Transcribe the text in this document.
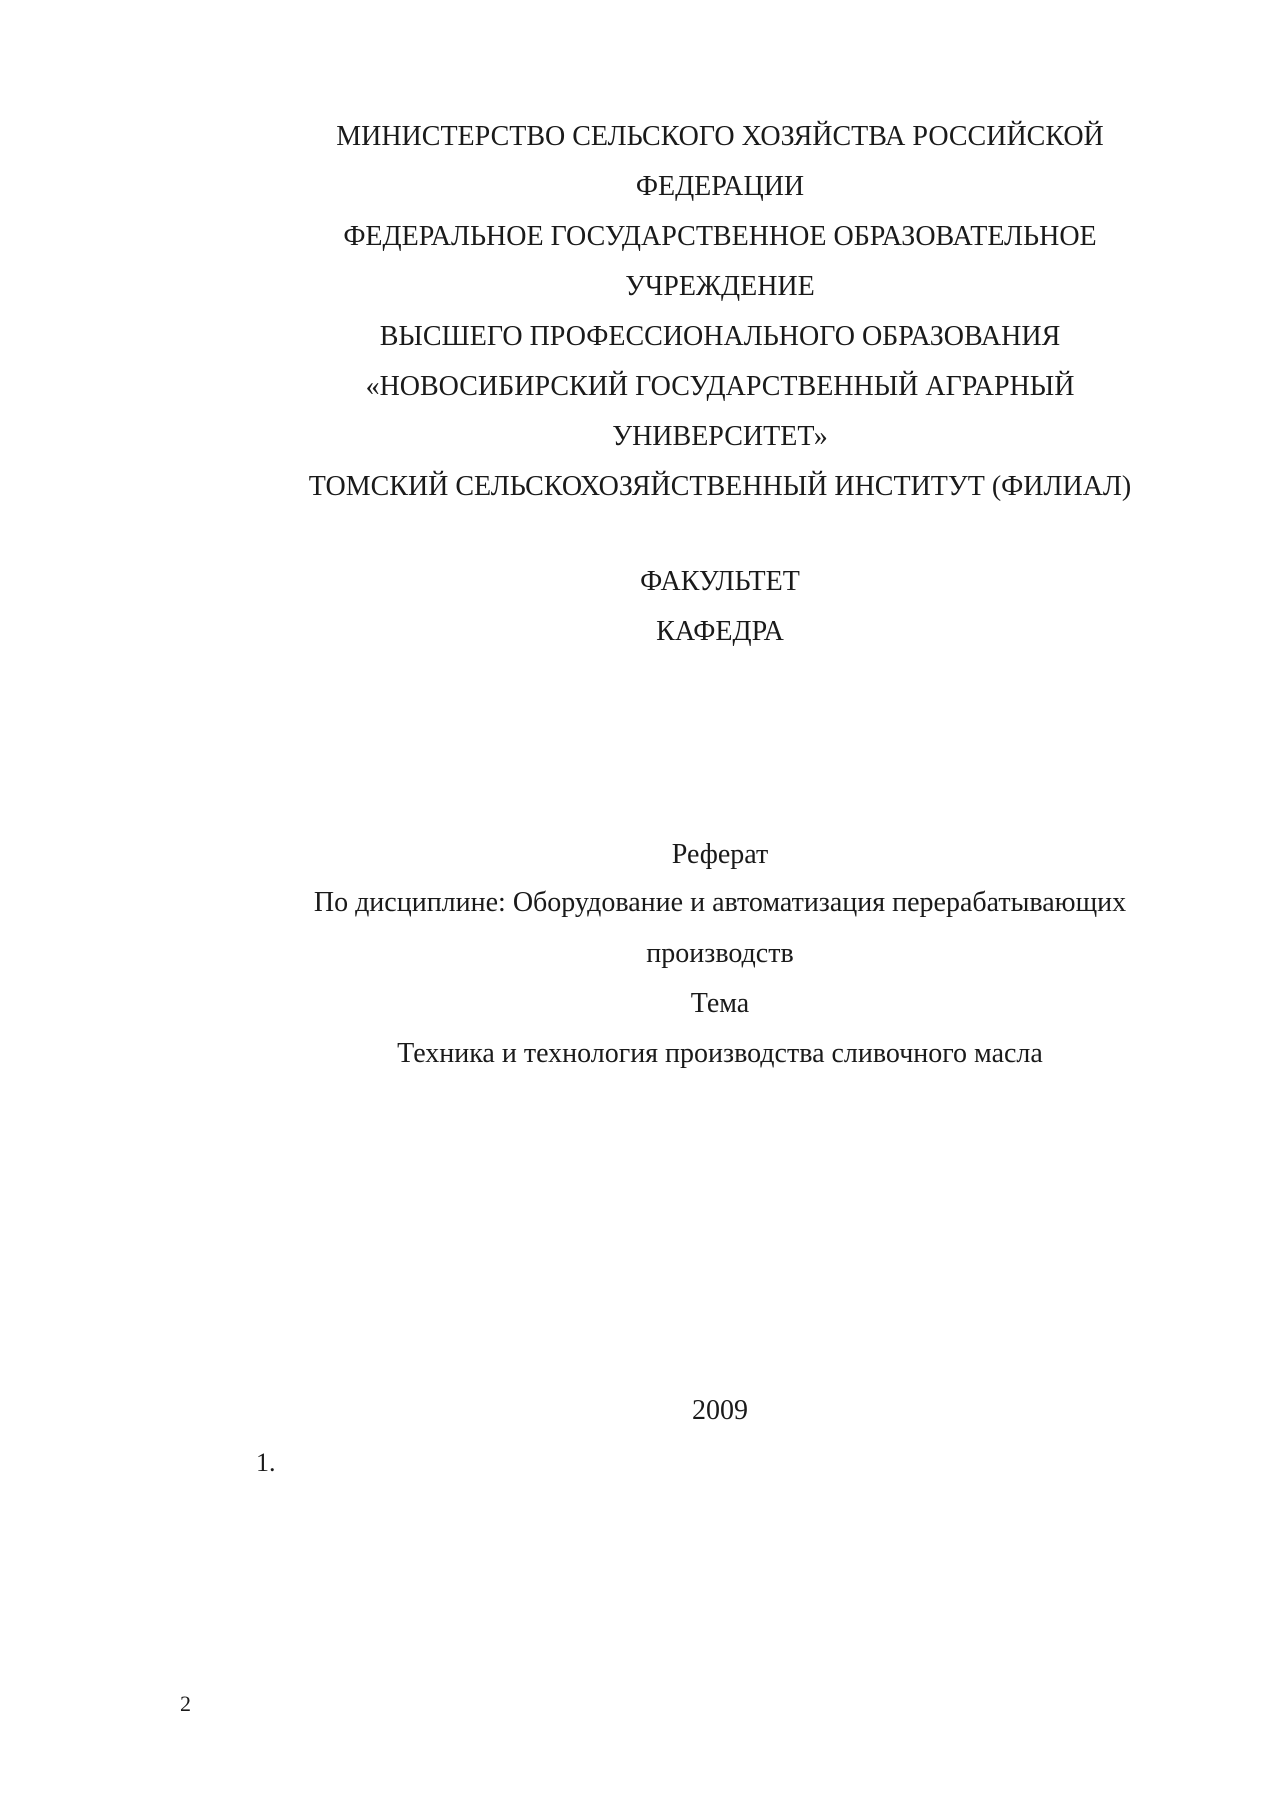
МИНИСТЕРСТВО СЕЛЬСКОГО ХОЗЯЙСТВА РОССИЙСКОЙ
ФЕДЕРАЦИИ
ФЕДЕРАЛЬНОЕ ГОСУДАРСТВЕННОЕ ОБРАЗОВАТЕЛЬНОЕ
УЧРЕЖДЕНИЕ
ВЫСШЕГО ПРОФЕССИОНАЛЬНОГО ОБРАЗОВАНИЯ
«НОВОСИБИРСКИЙ ГОСУДАРСТВЕННЫЙ АГРАРНЫЙ
УНИВЕРСИТЕТ»
ТОМСКИЙ СЕЛЬСКОХОЗЯЙСТВЕННЫЙ ИНСТИТУТ (ФИЛИАЛ)
ФАКУЛЬТЕТ
КАФЕДРА
Реферат
По дисциплине: Оборудование и автоматизация перерабатывающих
производств
Тема
Техника и технология производства сливочного масла
2009
1.
2
